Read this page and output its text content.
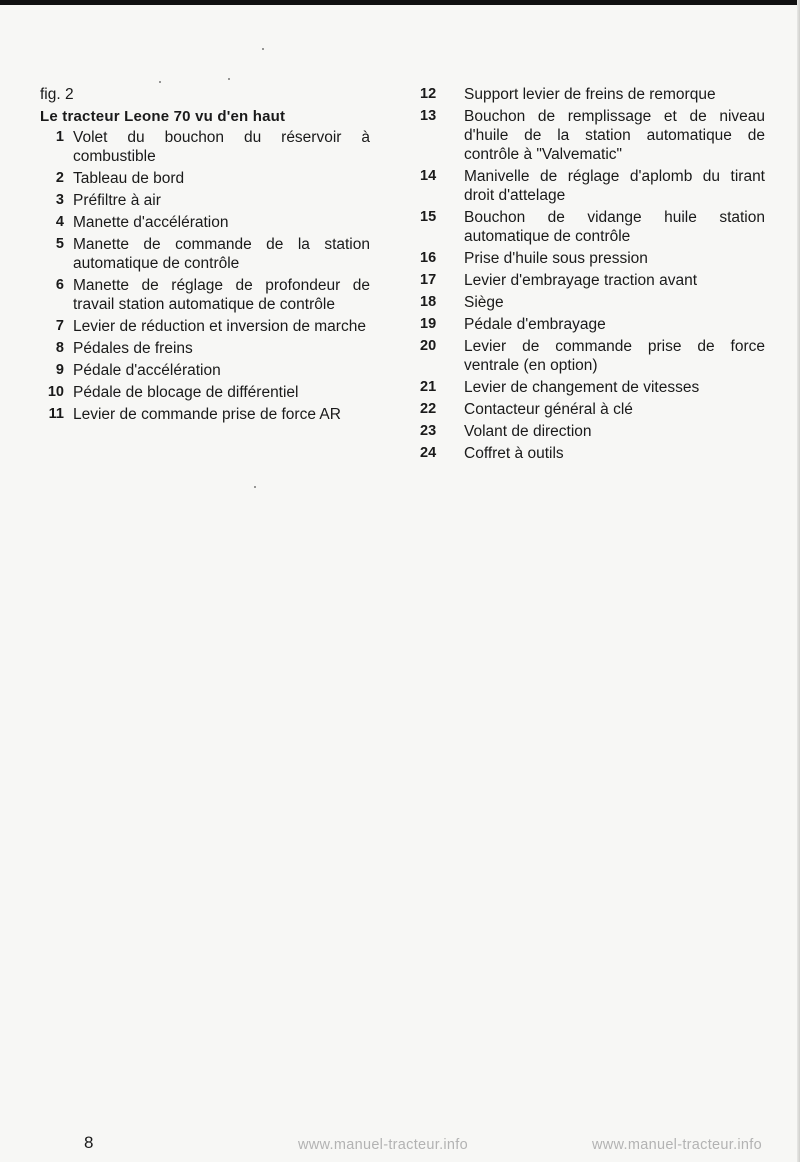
fig. 2
Le tracteur Leone 70 vu d'en haut
1 Volet du bouchon du réservoir à combustible
2 Tableau de bord
3 Préfiltre à air
4 Manette d'accélération
5 Manette de commande de la station automatique de contrôle
6 Manette de réglage de profondeur de travail station automatique de contrôle
7 Levier de réduction et inversion de marche
8 Pédales de freins
9 Pédale d'accélération
10 Pédale de blocage de différentiel
11 Levier de commande prise de force AR
12	Support levier de freins de remorque
13	Bouchon de remplissage et de niveau d'huile de la station automatique de contrôle à "Valvematic"
14	Manivelle de réglage d'aplomb du tirant droit d'attelage
15	Bouchon de vidange huile station automatique de contrôle
16	Prise d'huile sous pression
17	Levier d'embrayage traction avant
18	Siège
19	Pédale d'embrayage
20	Levier de commande prise de force ventrale (en option)
21	Levier de changement de vitesses
22	Contacteur général à clé
23	Volant de direction
24	Coffret à outils
8	www.manuel-tracteur.info	www.manuel-tracteur.info
